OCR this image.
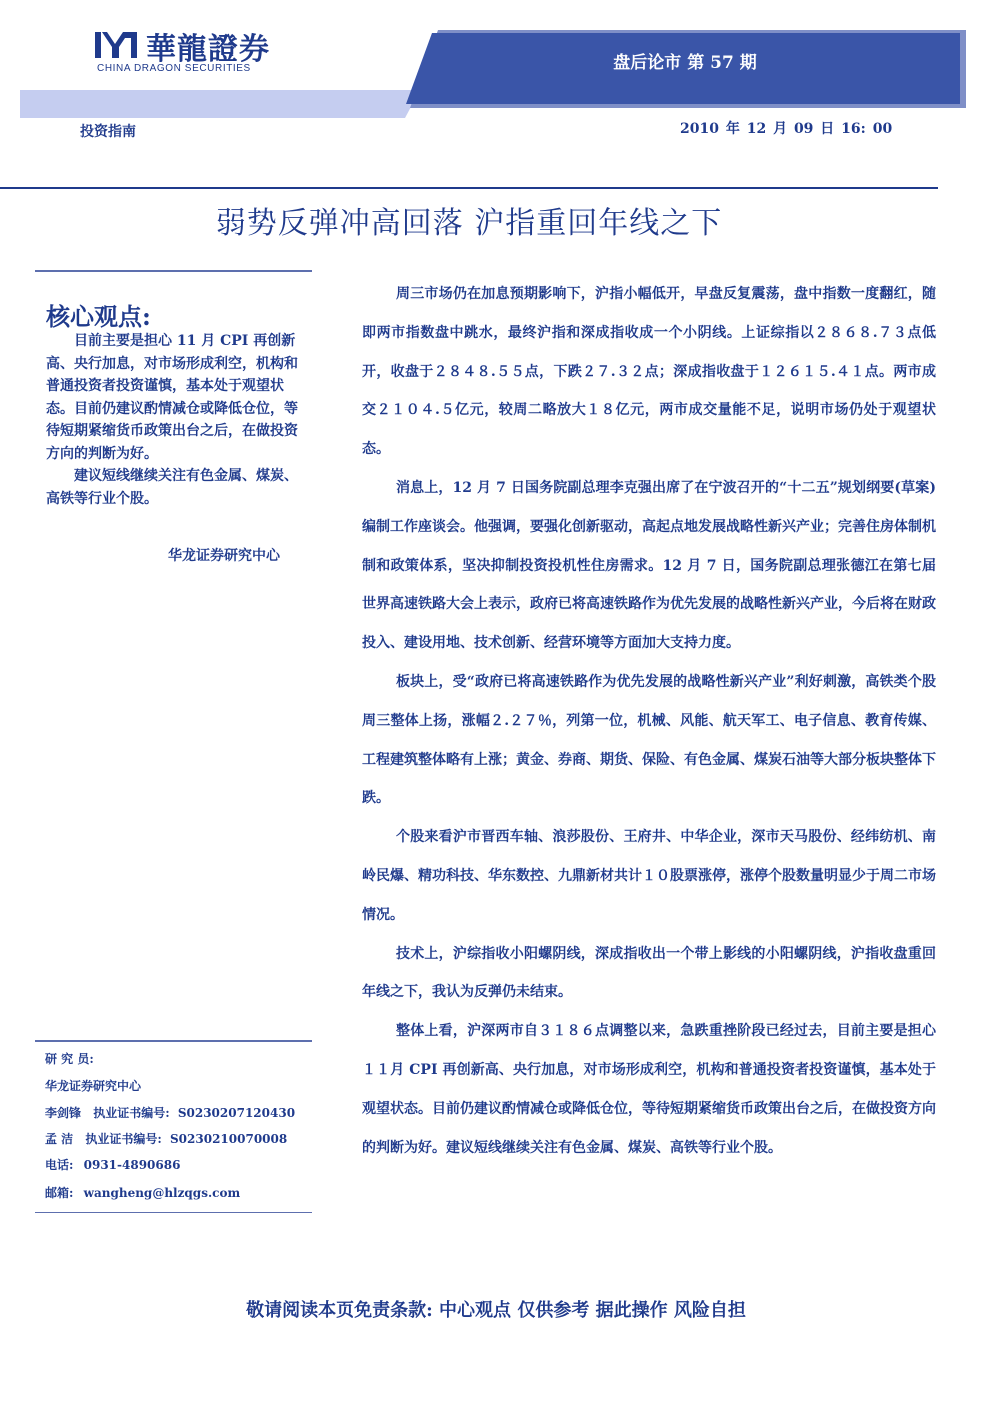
華龍證券
CHINA DRAGON SECURITIES	盘后论市 第 57 期
投资指南	2010 年 12 月 09 日 16: 00
弱势反弹冲高回落 沪指重回年线之下
核心观点:

目前主要是担心 11 月 CPI 再创新高、央行加息，对市场形成利空，机构和普通投资者投资谨慎，基本处于观望状态。目前仍建议酌情减仓或降低仓位，等待短期紧缩货币政策出台之后，在做投资方向的判断为好。

建议短线继续关注有色金属、煤炭、高铁等行业个股。

华龙证券研究中心
研 究 员:
华龙证券研究中心
李剑锋 执业证书编号: S0230207120430
孟 洁 执业证书编号: S0230210070008
电话: 0931-4890686
邮箱: wangheng@hlzqgs.com

周三市场仍在加息预期影响下，沪指小幅低开，早盘反复震荡，盘中指数一度翻红，随即两市指数盘中跳水，最终沪指和深成指收成一个小阴线。上证综指以２８６８.７３点低开，收盘于２８４８.５５点，下跌２７.３２点；深成指收盘于１２６１５.４１点。两市成交２１０４.５亿元，较周二略放大１８亿元，两市成交量能不足，说明市场仍处于观望状态。

消息上，12 月 7 日国务院副总理李克强出席了在宁波召开的“十二五”规划纲要(草案)编制工作座谈会。他强调，要强化创新驱动，高起点地发展战略性新兴产业；完善住房体制机制和政策体系，坚决抑制投资投机性住房需求。12 月 7 日，国务院副总理张德江在第七届世界高速铁路大会上表示，政府已将高速铁路作为优先发展的战略性新兴产业，今后将在财政投入、建设用地、技术创新、经营环境等方面加大支持力度。

板块上，受“政府已将高速铁路作为优先发展的战略性新兴产业”利好刺激，高铁类个股周三整体上扬，涨幅２.２７％，列第一位，机械、风能、航天军工、电子信息、教育传媒、工程建筑整体略有上涨；黄金、券商、期货、保险、有色金属、煤炭石油等大部分板块整体下跌。

个股来看沪市晋西车轴、浪莎股份、王府井、中华企业，深市天马股份、经纬纺机、南岭民爆、精功科技、华东数控、九鼎新材共计１０股票涨停，涨停个股数量明显少于周二市场情况。

技术上，沪综指收小阳螺阴线，深成指收出一个带上影线的小阳螺阴线，沪指收盘重回年线之下，我认为反弹仍未结束。

整体上看，沪深两市自３１８６点调整以来，急跌重挫阶段已经过去，目前主要是担心１１月 CPI 再创新高、央行加息，对市场形成利空，机构和普通投资者投资谨慎，基本处于观望状态。目前仍建议酌情减仓或降低仓位，等待短期紧缩货币政策出台之后，在做投资方向的判断为好。建议短线继续关注有色金属、煤炭、高铁等行业个股。

敬请阅读本页免责条款: 中心观点 仅供参考 据此操作 风险自担
